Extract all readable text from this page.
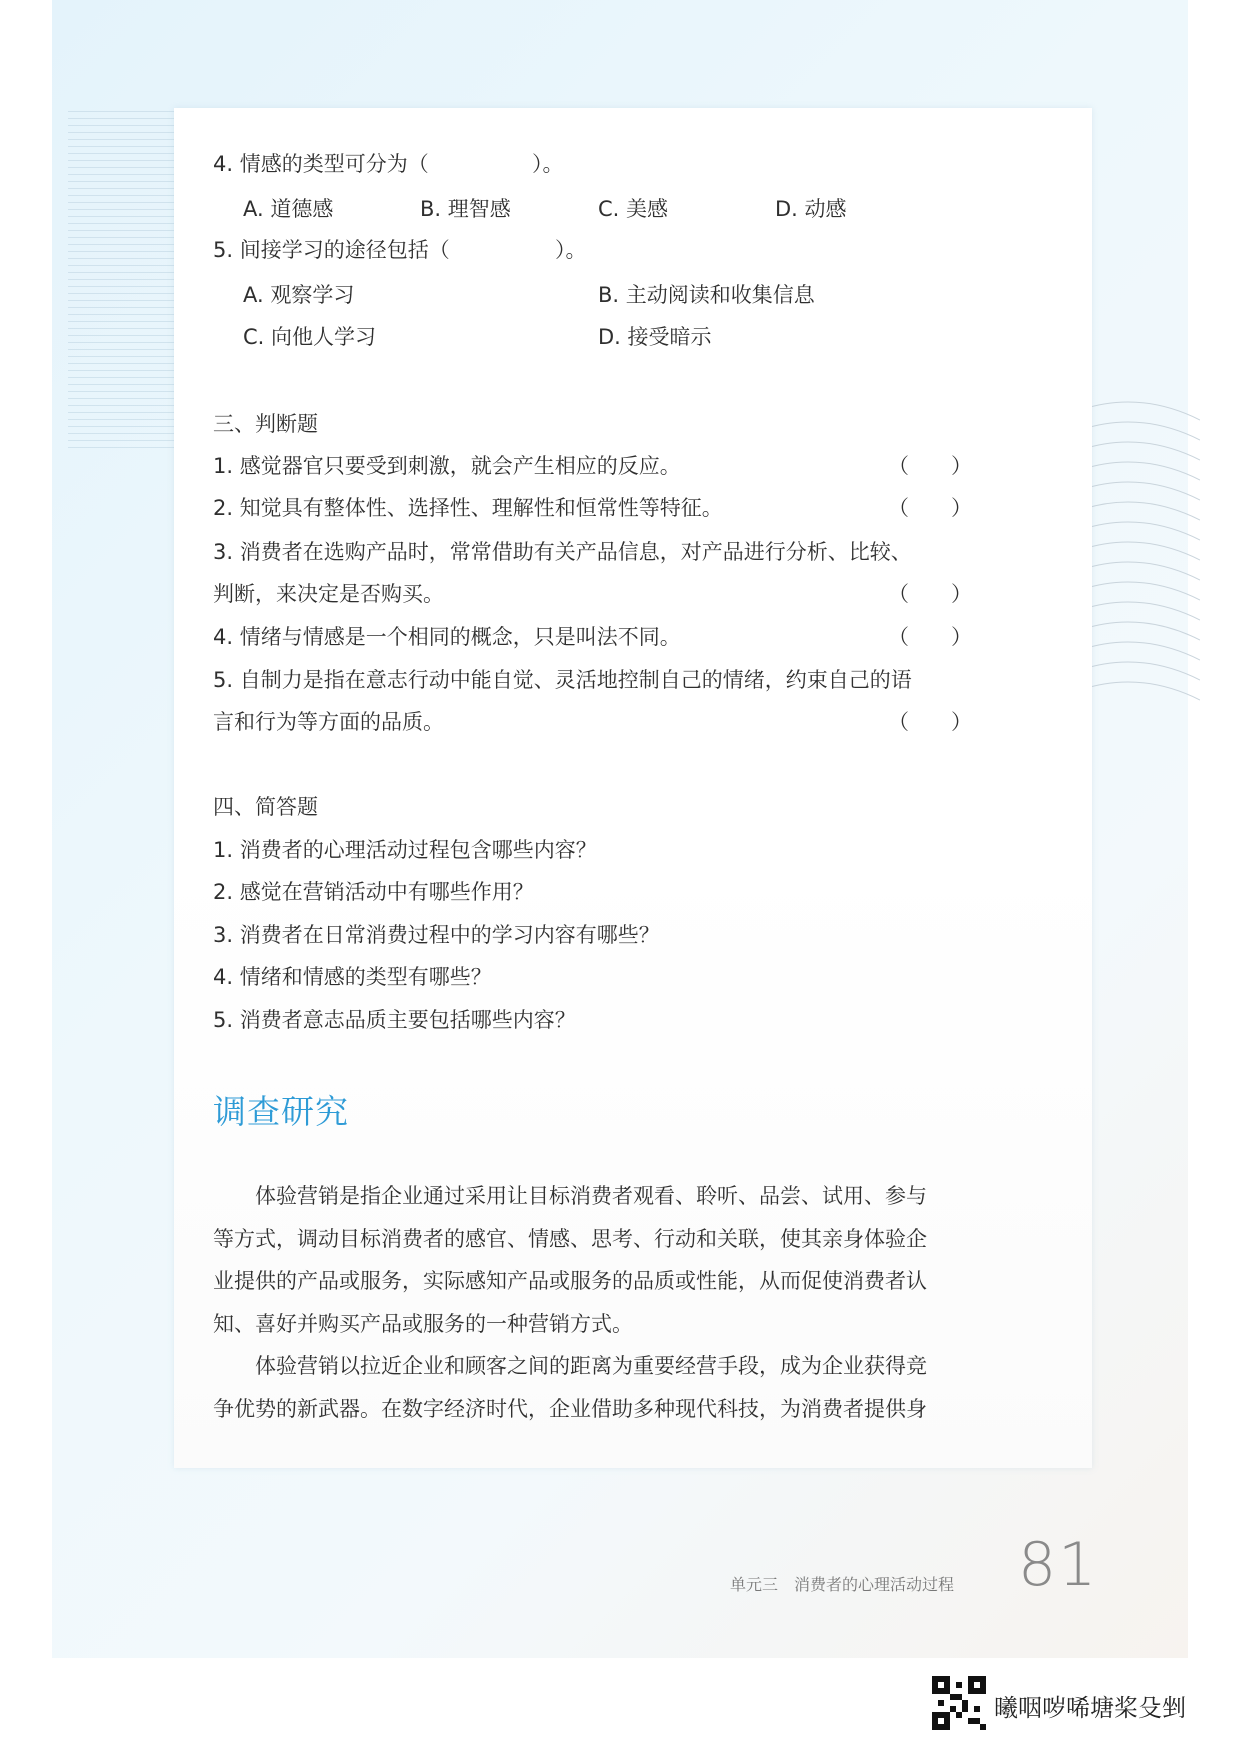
4. 情感的类型可分为（	）。
A. 道德感	B. 理智感	C. 美感	D. 动感
5. 间接学习的途径包括（	）。
A. 观察学习	B. 主动阅读和收集信息
C. 向他人学习	D. 接受暗示
三、判断题
1. 感觉器官只要受到刺激，就会产生相应的反应。	（　　）
2. 知觉具有整体性、选择性、理解性和恒常性等特征。	（　　）
3. 消费者在选购产品时，常常借助有关产品信息，对产品进行分析、比较、
判断，来决定是否购买。	（　　）
4. 情绪与情感是一个相同的概念，只是叫法不同。	（　　）
5. 自制力是指在意志行动中能自觉、灵活地控制自己的情绪，约束自己的语
言和行为等方面的品质。	（　　）
四、简答题
1. 消费者的心理活动过程包含哪些内容？
2. 感觉在营销活动中有哪些作用？
3. 消费者在日常消费过程中的学习内容有哪些？
4. 情绪和情感的类型有哪些？
5. 消费者意志品质主要包括哪些内容？
调查研究
　　体验营销是指企业通过采用让目标消费者观看、聆听、品尝、试用、参与
等方式，调动目标消费者的感官、情感、思考、行动和关联，使其亲身体验企
业提供的产品或服务，实际感知产品或服务的品质或性能，从而促使消费者认
知、喜好并购买产品或服务的一种营销方式。
　　体验营销以拉近企业和顾客之间的距离为重要经营手段，成为企业获得竞
争优势的新武器。在数字经济时代，企业借助多种现代科技，为消费者提供身
单元三　消费者的心理活动过程 81
曦咽哕唏塘桨殳剉
